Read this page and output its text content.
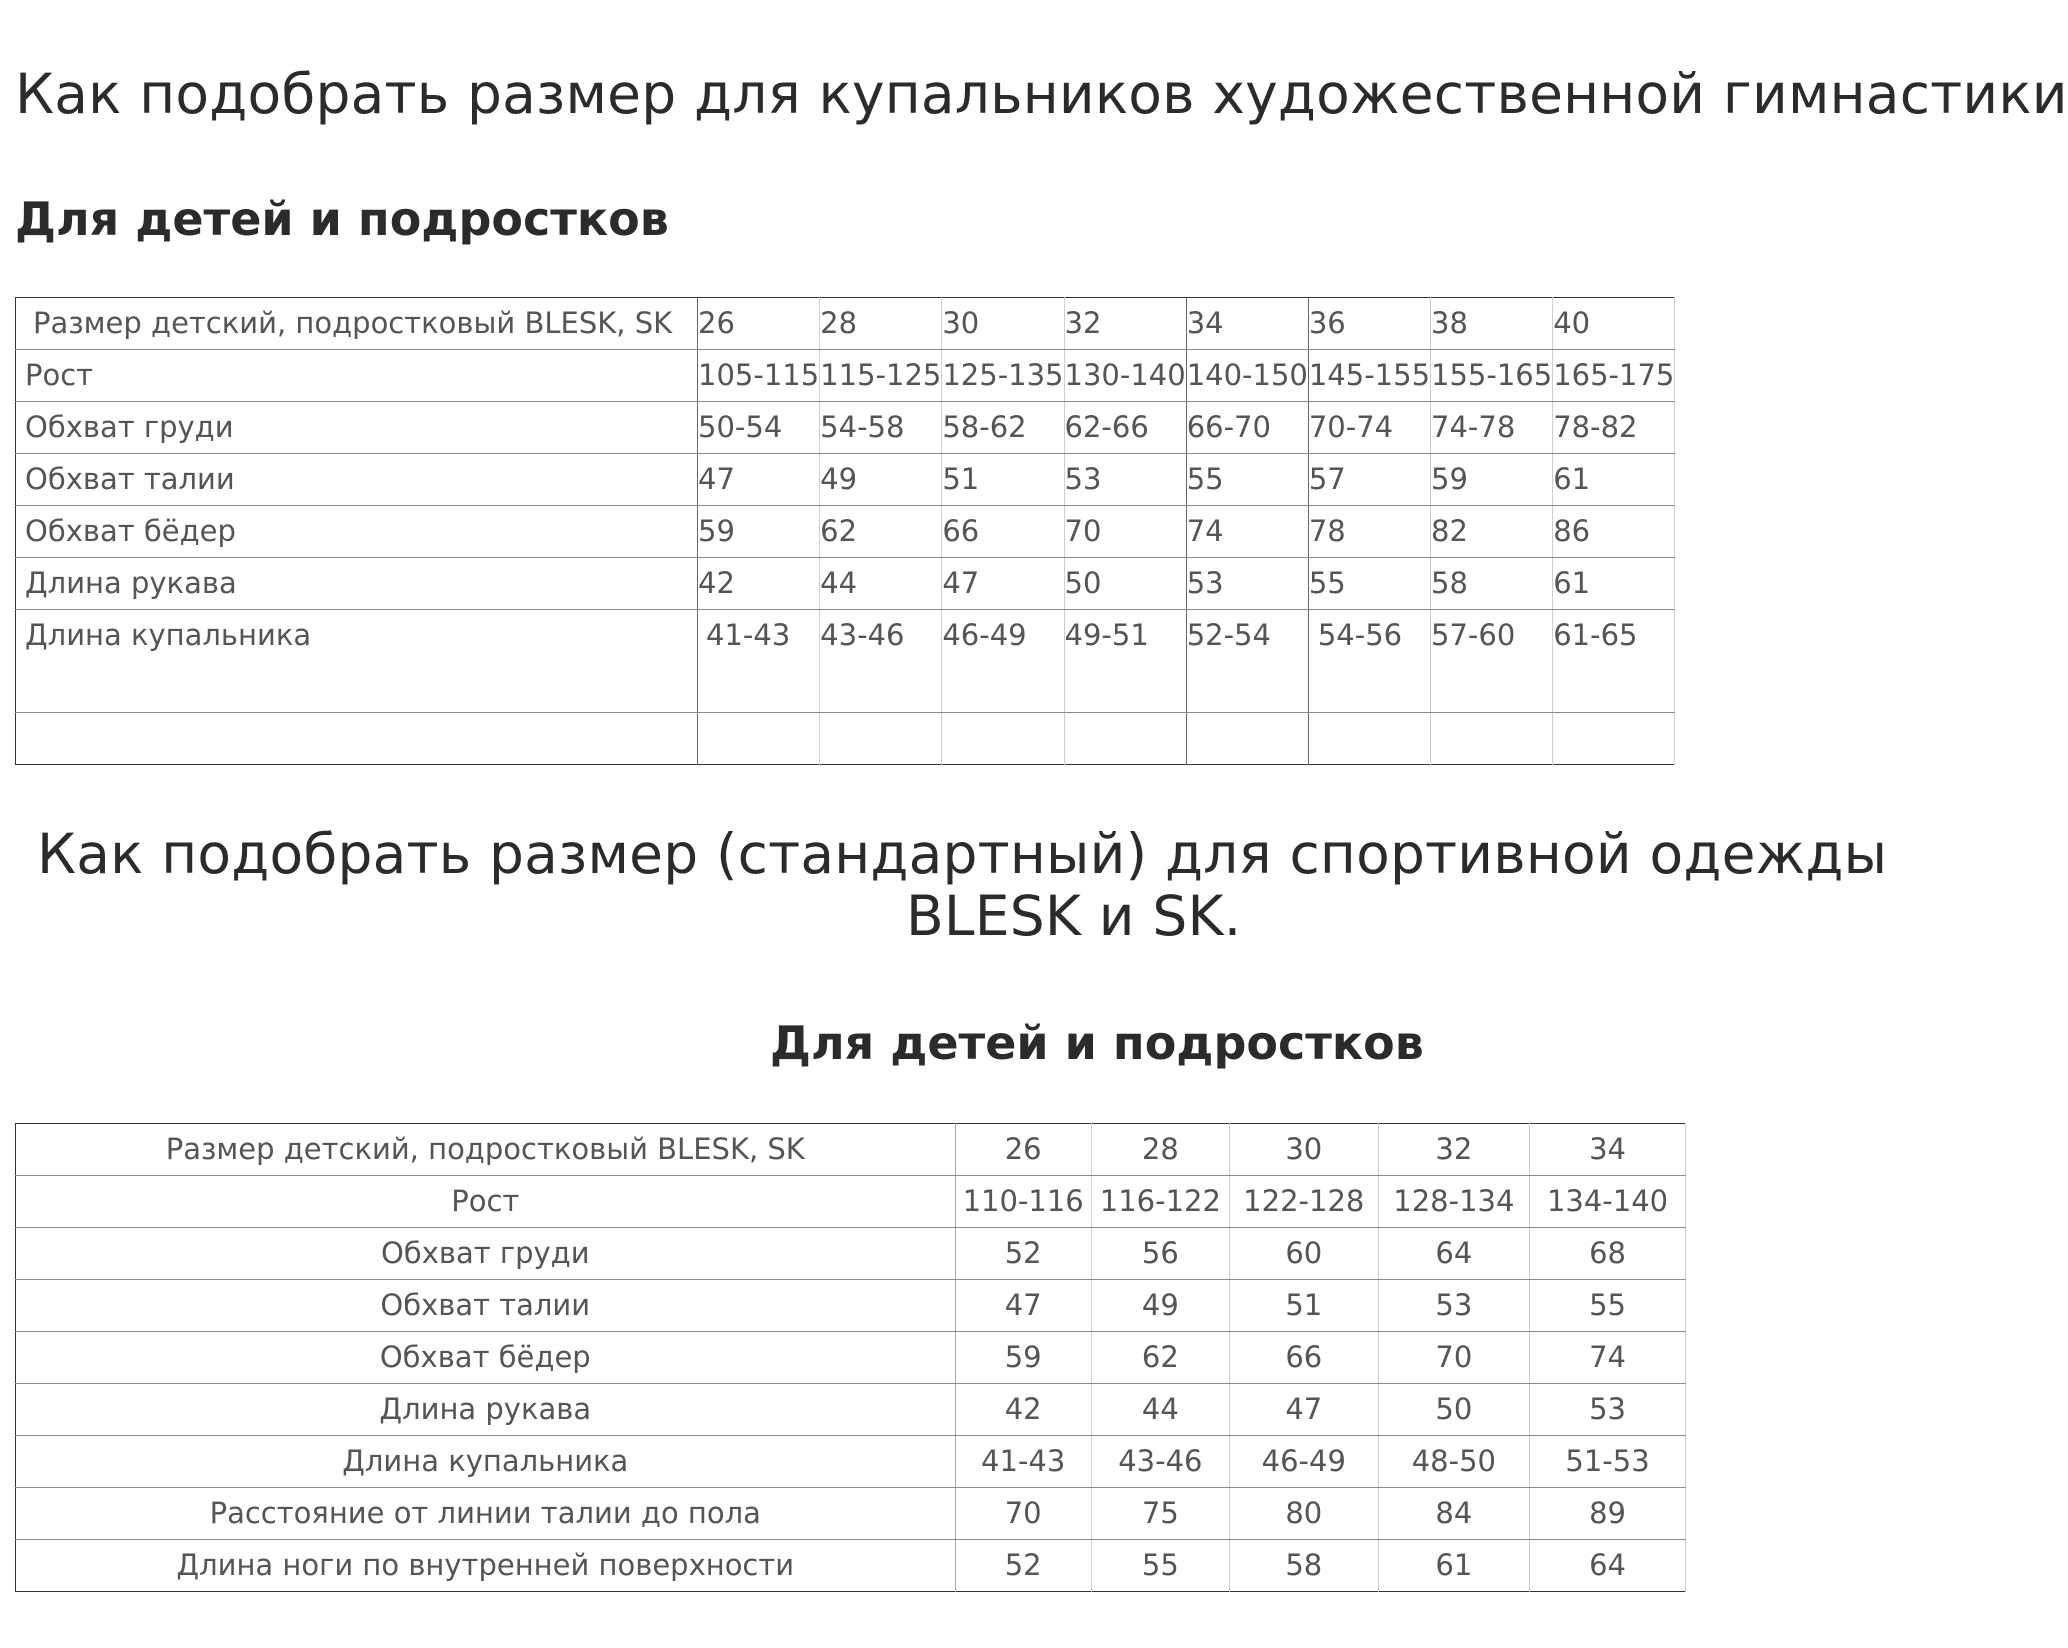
Как подобрать размер для купальников художественной гимнастики
Для детей и подростков
Размер детский, подростковый BLESK, SK	26	28	30	32	34	36	38	40
Рост	105-115	115-125	125-135	130-140	140-150	145-155	155-165	165-175
Обхват груди	50-54	54-58	58-62	62-66	66-70	70-74	74-78	78-82
Обхват талии	47	49	51	53	55	57	59	61
Обхват бёдер	59	62	66	70	74	78	82	86
Длина рукава	42	44	47	50	53	55	58	61
Длина купальника	41-43	43-46	46-49	49-51	52-54	54-56	57-60	61-65

Как подобрать размер (стандартный) для спортивной одежды
BLESK и SK.
Для детей и подростков
Размер детский, подростковый BLESK, SK	26	28	30	32	34
Рост	110-116	116-122	122-128	128-134	134-140
Обхват груди	52	56	60	64	68
Обхват талии	47	49	51	53	55
Обхват бёдер	59	62	66	70	74
Длина рукава	42	44	47	50	53
Длина купальника	41-43	43-46	46-49	48-50	51-53
Расстояние от линии талии до пола	70	75	80	84	89
Длина ноги по внутренней поверхности	52	55	58	61	64
